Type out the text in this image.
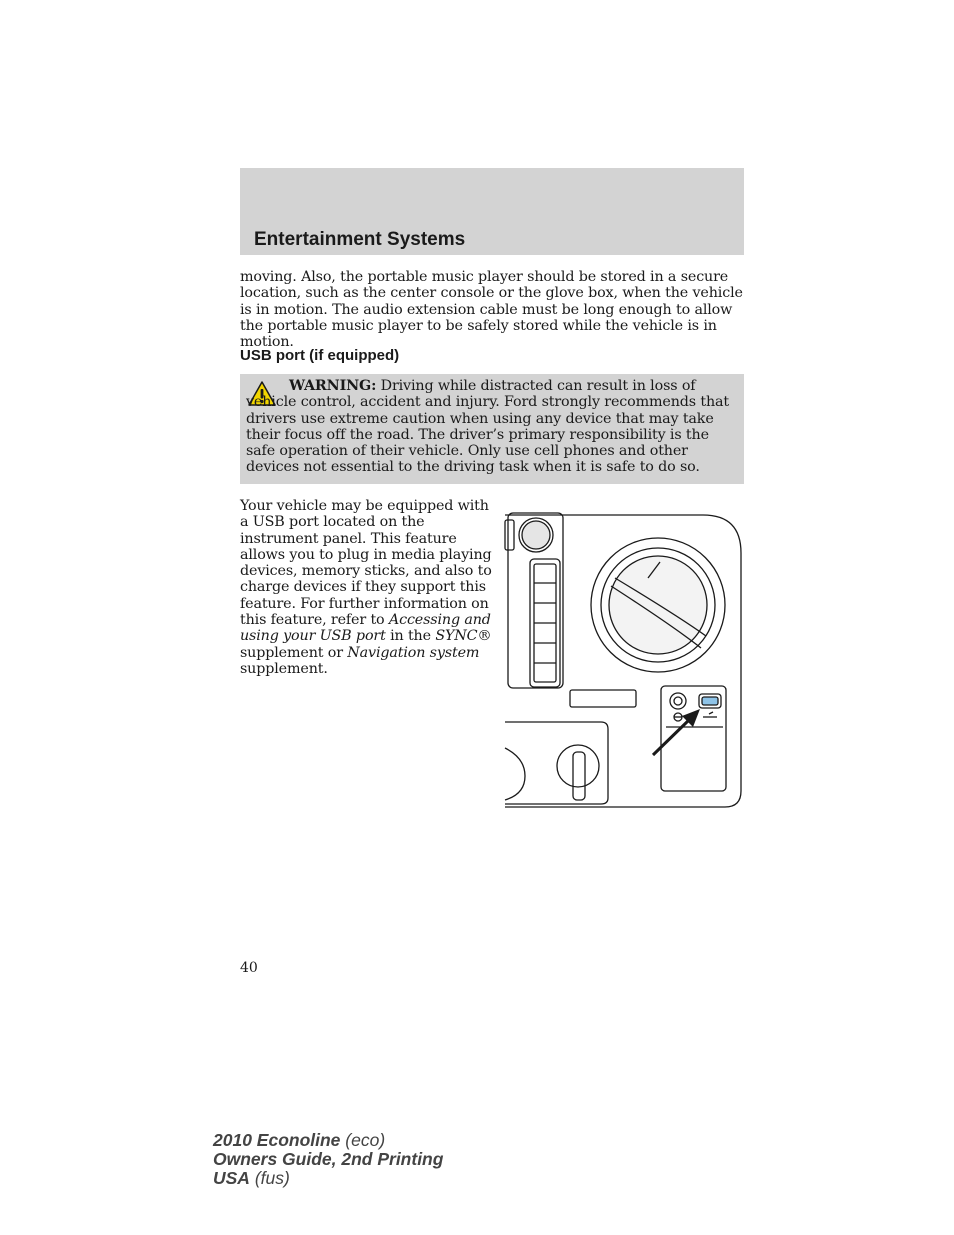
Entertainment Systems
moving. Also, the portable music player should be stored in a secure location, such as the center console or the glove box, when the vehicle is in motion. The audio extension cable must be long enough to allow the portable music player to be safely stored while the vehicle is in motion.
USB port (if equipped)
WARNING: Driving while distracted can result in loss of vehicle control, accident and injury. Ford strongly recommends that drivers use extreme caution when using any device that may take their focus off the road. The driver’s primary responsibility is the safe operation of their vehicle. Only use cell phones and other devices not essential to the driving task when it is safe to do so.
Your vehicle may be equipped with a USB port located on the instrument panel. This feature allows you to plug in media playing devices, memory sticks, and also to charge devices if they support this feature. For further information on this feature, refer to Accessing and using your USB port in the SYNC® supplement or Navigation system supplement.
40
2010 Econoline (eco)
Owners Guide, 2nd Printing
USA (fus)
